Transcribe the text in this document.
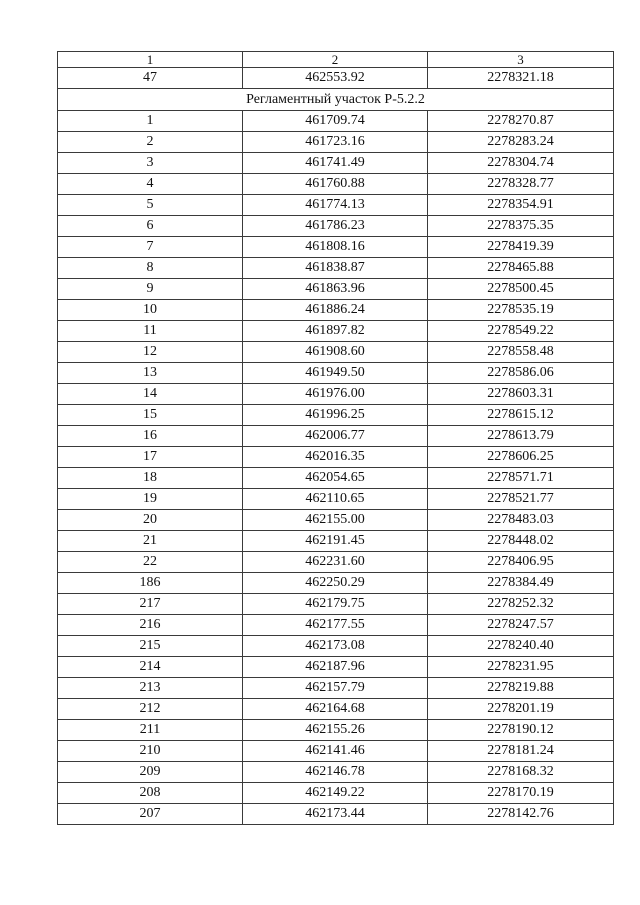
1	2	3
47	462553.92	2278321.18
Регламентный участок Р-5.2.2		
1	461709.74	2278270.87
2	461723.16	2278283.24
3	461741.49	2278304.74
4	461760.88	2278328.77
5	461774.13	2278354.91
6	461786.23	2278375.35
7	461808.16	2278419.39
8	461838.87	2278465.88
9	461863.96	2278500.45
10	461886.24	2278535.19
11	461897.82	2278549.22
12	461908.60	2278558.48
13	461949.50	2278586.06
14	461976.00	2278603.31
15	461996.25	2278615.12
16	462006.77	2278613.79
17	462016.35	2278606.25
18	462054.65	2278571.71
19	462110.65	2278521.77
20	462155.00	2278483.03
21	462191.45	2278448.02
22	462231.60	2278406.95
186	462250.29	2278384.49
217	462179.75	2278252.32
216	462177.55	2278247.57
215	462173.08	2278240.40
214	462187.96	2278231.95
213	462157.79	2278219.88
212	462164.68	2278201.19
211	462155.26	2278190.12
210	462141.46	2278181.24
209	462146.78	2278168.32
208	462149.22	2278170.19
207	462173.44	2278142.76
